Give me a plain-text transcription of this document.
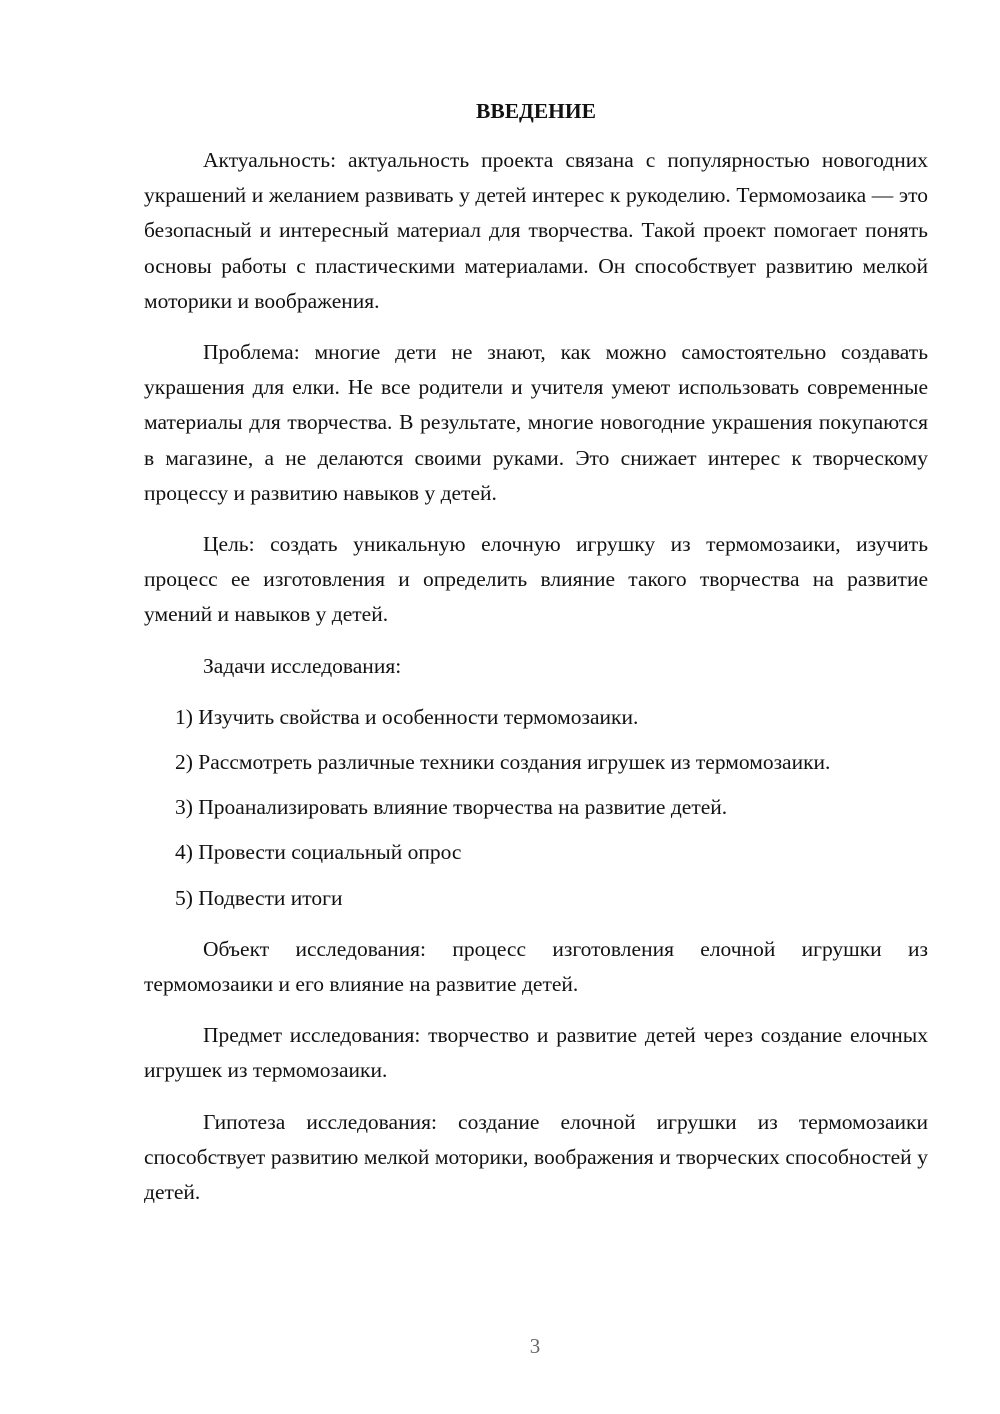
ВВЕДЕНИЕ

Актуальность: актуальность проекта связана с популярностью новогодних украшений и желанием развивать у детей интерес к рукоделию. Термомозаика — это безопасный и интересный материал для творчества. Такой проект помогает понять основы работы с пластическими материалами. Он способствует развитию мелкой моторики и воображения.

Проблема: многие дети не знают, как можно самостоятельно создавать украшения для елки. Не все родители и учителя умеют использовать современные материалы для творчества. В результате, многие новогодние украшения покупаются в магазине, а не делаются своими руками. Это снижает интерес к творческому процессу и развитию навыков у детей.

Цель: создать уникальную елочную игрушку из термомозаики, изучить процесс ее изготовления и определить влияние такого творчества на развитие умений и навыков у детей.

Задачи исследования:

1) Изучить свойства и особенности термомозаики.

2) Рассмотреть различные техники создания игрушек из термомозаики.

3) Проанализировать влияние творчества на развитие детей.

4) Провести социальный опрос

5) Подвести итоги

Объект исследования: процесс изготовления елочной игрушки из термомозаики и его влияние на развитие детей.

Предмет исследования: творчество и развитие детей через создание елочных игрушек из термомозаики.

Гипотеза исследования: создание елочной игрушки из термомозаики способствует развитию мелкой моторики, воображения и творческих способностей у детей.

3
